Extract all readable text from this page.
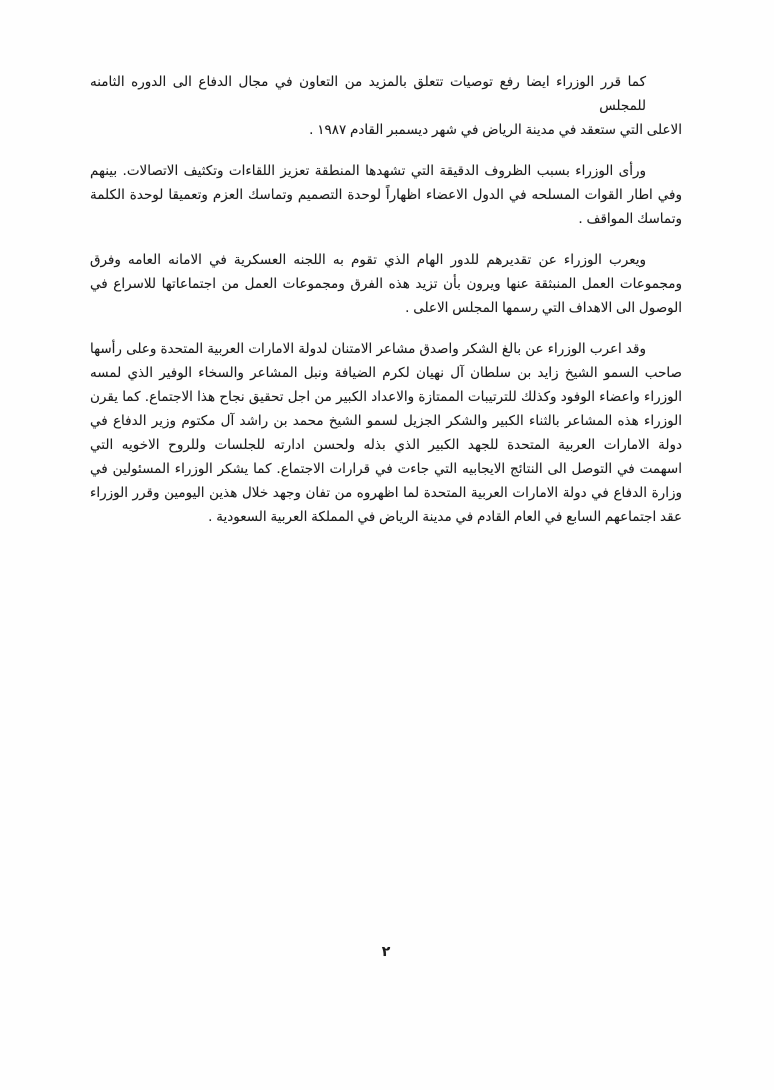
كما قرر الوزراء ايضا رفع توصيات تتعلق بالمزيد من التعاون في مجال الدفاع الى الدوره الثامنه للمجلس
الاعلى التي ستعقد في مدينة الرياض في شهر ديسمبر القادم ١٩٨٧ .
ورأى الوزراء بسبب الظروف الدقيقة التي تشهدها المنطقة تعزيز اللقاءات وتكثيف الاتصالات. بينهم
وفي اطار القوات المسلحه في الدول الاعضاء اظهاراً لوحدة التصميم وتماسك العزم وتعميقا لوحدة الكلمة
وتماسك المواقف .
ويعرب الوزراء عن تقديرهم للدور الهام الذي تقوم به اللجنه العسكرية في الامانه العامه وفرق
ومجموعات العمل المنبثقة عنها ويرون بأن تزيد هذه الفرق ومجموعات العمل من اجتماعاتها للاسراع في
الوصول الى الاهداف التي رسمها المجلس الاعلى .
وقد اعرب الوزراء عن بالغ الشكر واصدق مشاعر الامتنان لدولة الامارات العربية المتحدة وعلى رأسها
صاحب السمو الشيخ زايد بن سلطان آل نهيان لكرم الضيافة ونبل المشاعر والسخاء الوفير الذي لمسه
الوزراء واعضاء الوفود وكذلك للترتيبات الممتازة والاعداد الكبير من اجل تحقيق نجاح هذا الاجتماع. كما يقرن
الوزراء هذه المشاعر بالثناء الكبير والشكر الجزيل لسمو الشيخ محمد بن راشد آل مكتوم وزير الدفاع في
دولة الامارات العربية المتحدة للجهد الكبير الذي بذله ولحسن ادارته للجلسات وللروح الاخويه التي
اسهمت في التوصل الى النتائج الايجابيه التي جاءت في قرارات الاجتماع. كما يشكر الوزراء المسئولين في
وزارة الدفاع في دولة الامارات العربية المتحدة لما اظهروه من تفان وجهد خلال هذين اليومين وقرر الوزراء
عقد اجتماعهم السابع في العام القادم في مدينة الرياض في المملكة العربية السعودية .
٢
